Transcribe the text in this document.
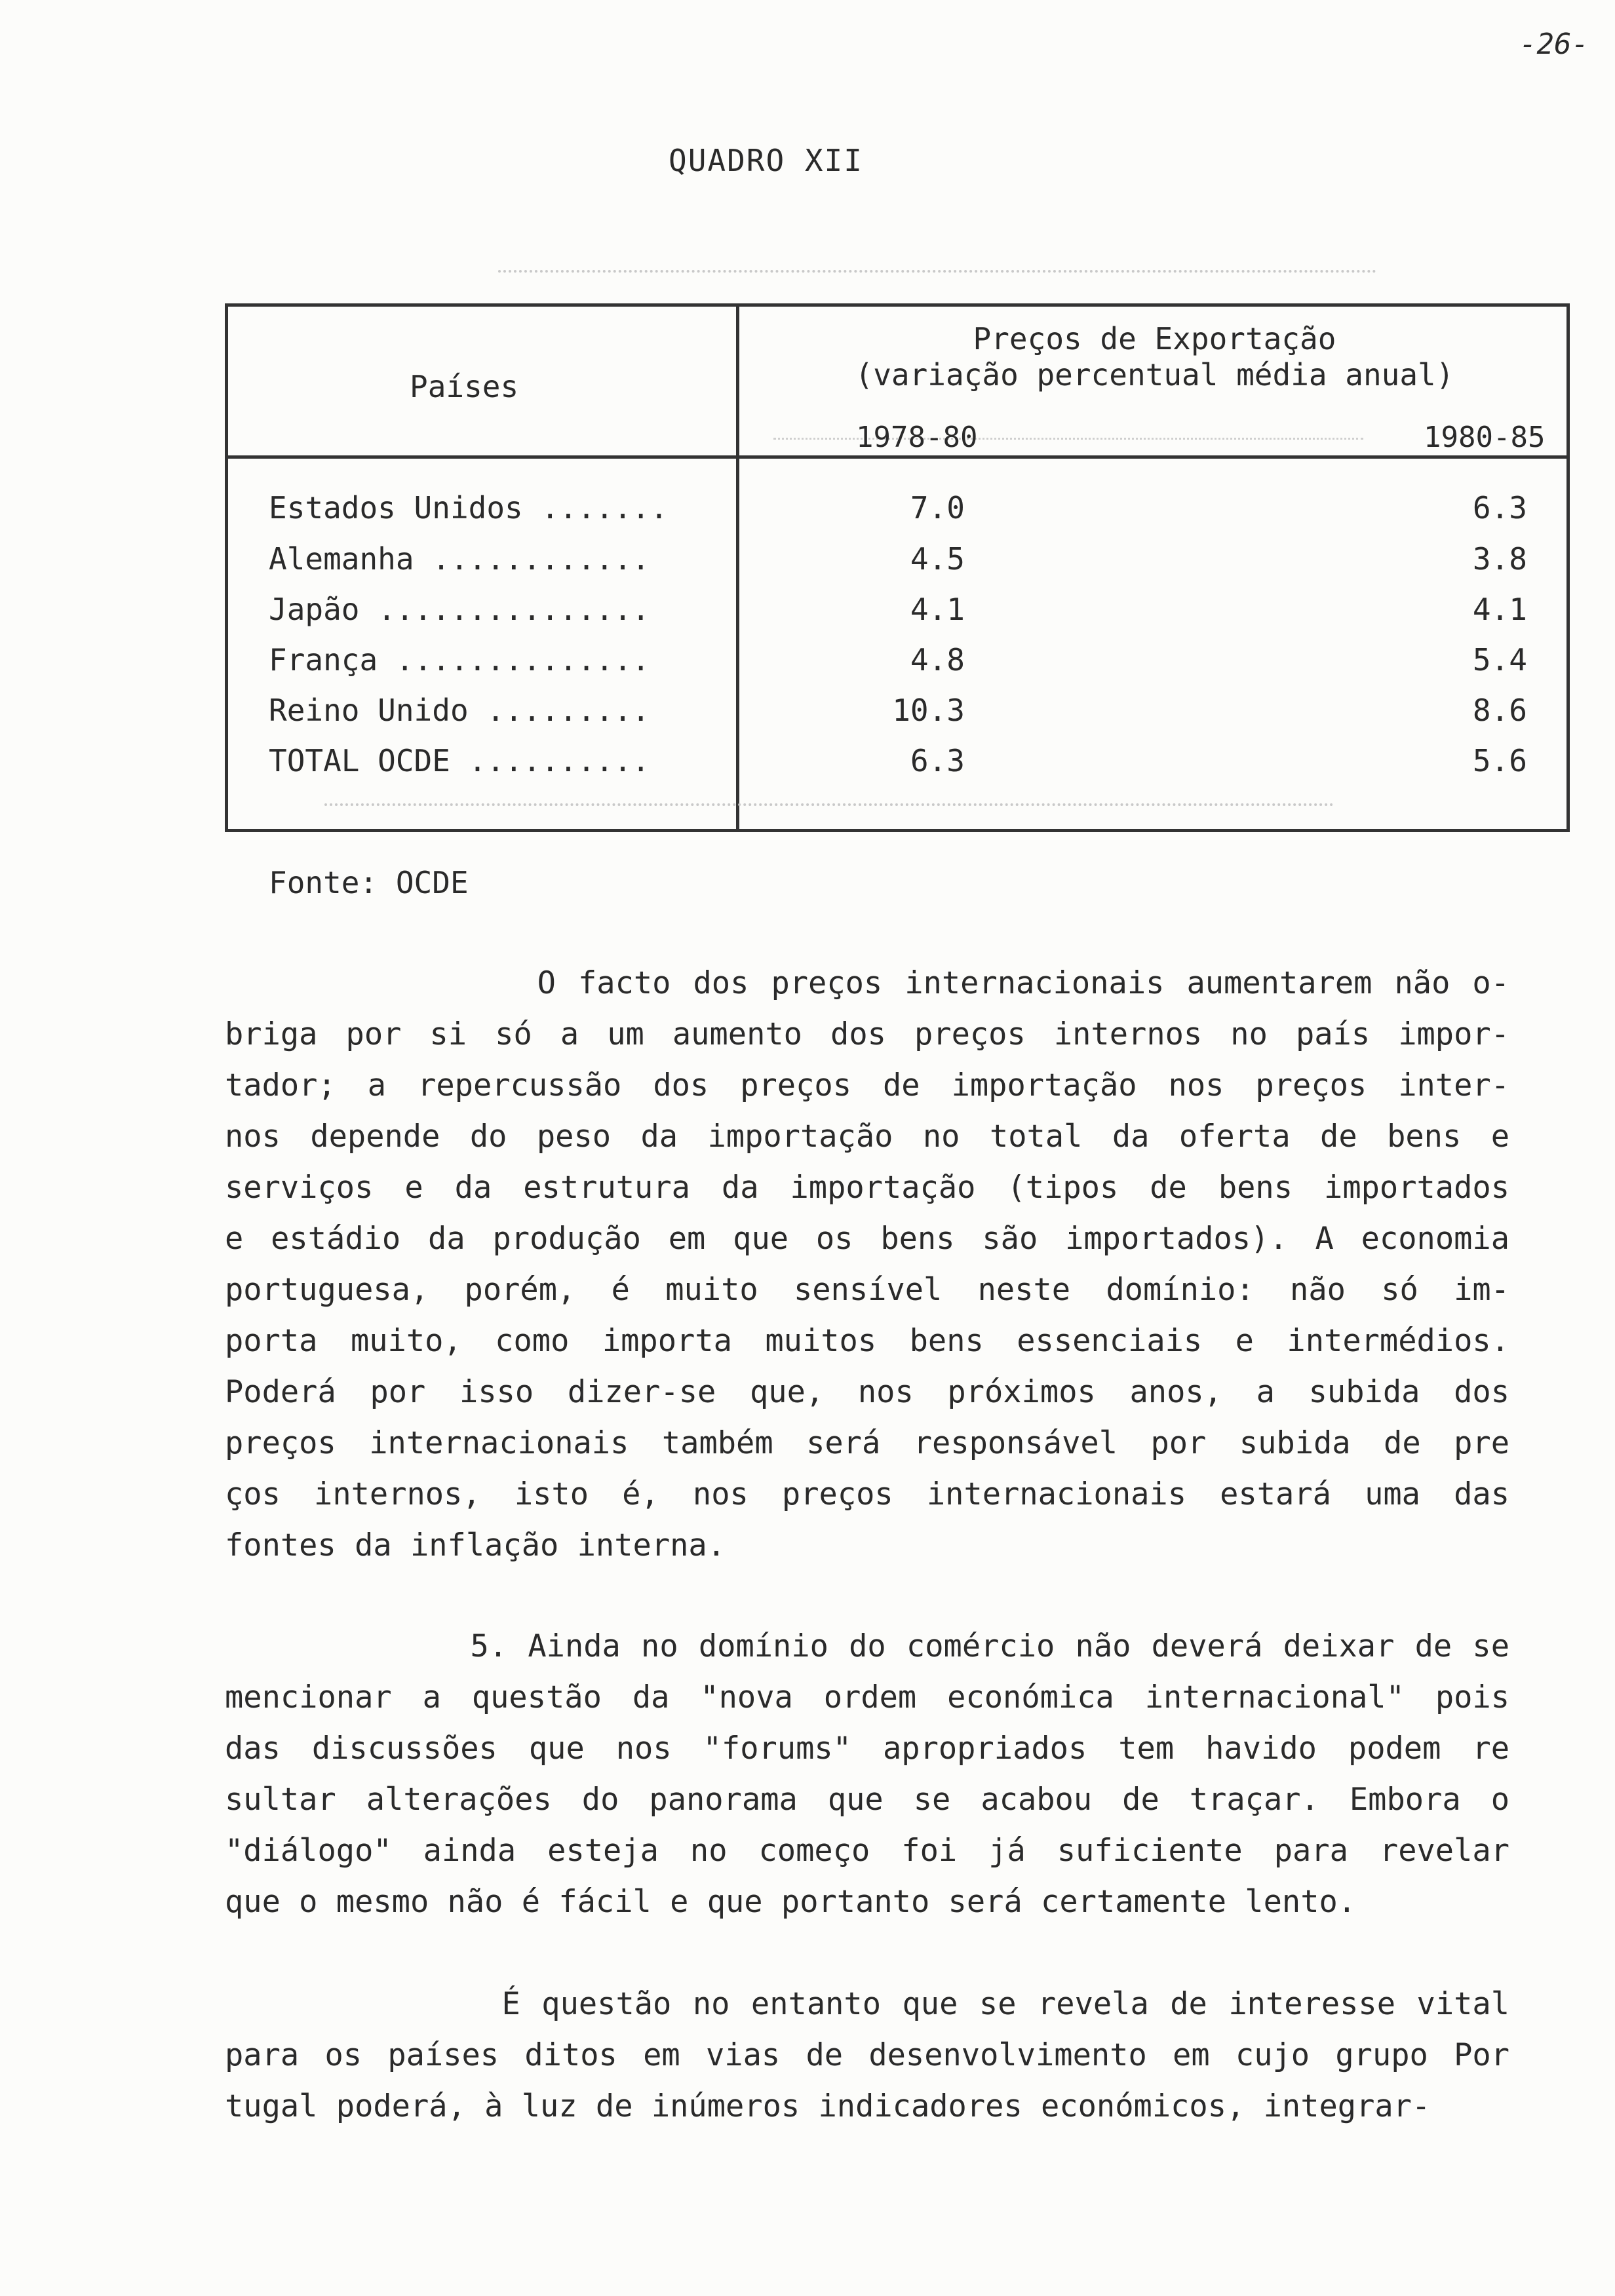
-26-
QUADRO XII
Países
Preços de Exportação
(variação percentual média anual)
1978-80	1980-85
Estados Unidos .......	7.0	6.3
Alemanha ............	4.5	3.8
Japão ...............	4.1	4.1
França ..............	4.8	5.4
Reino Unido .........	10.3	8.6
TOTAL OCDE ..........	6.3	5.6
Fonte: OCDE
O facto dos preços internacionais aumentarem não o-
briga por si só a um aumento dos preços internos no país impor-
tador; a repercussão dos preços de importação nos preços inter-
nos depende do peso da importação no total da oferta de bens e
serviços e da estrutura da importação (tipos de bens importados
e estádio da produção em que os bens são importados). A economia
portuguesa, porém, é muito sensível neste domínio: não só im-
porta muito, como importa muitos bens essenciais e intermédios.
Poderá por isso dizer-se que, nos próximos anos, a subida dos
preços internacionais também será responsável por subida de pre
ços internos, isto é, nos preços internacionais estará uma das
fontes da inflação interna.
5. Ainda no domínio do comércio não deverá deixar de se
mencionar a questão da "nova ordem económica internacional" pois
das discussões que nos "forums" apropriados tem havido podem re
sultar alterações do panorama que se acabou de traçar. Embora o
"diálogo" ainda esteja no começo foi já suficiente para revelar
que o mesmo não é fácil e que portanto será certamente lento.
É questão no entanto que se revela de interesse vital
para os países ditos em vias de desenvolvimento em cujo grupo Por
tugal poderá, à luz de inúmeros indicadores económicos, integrar-
